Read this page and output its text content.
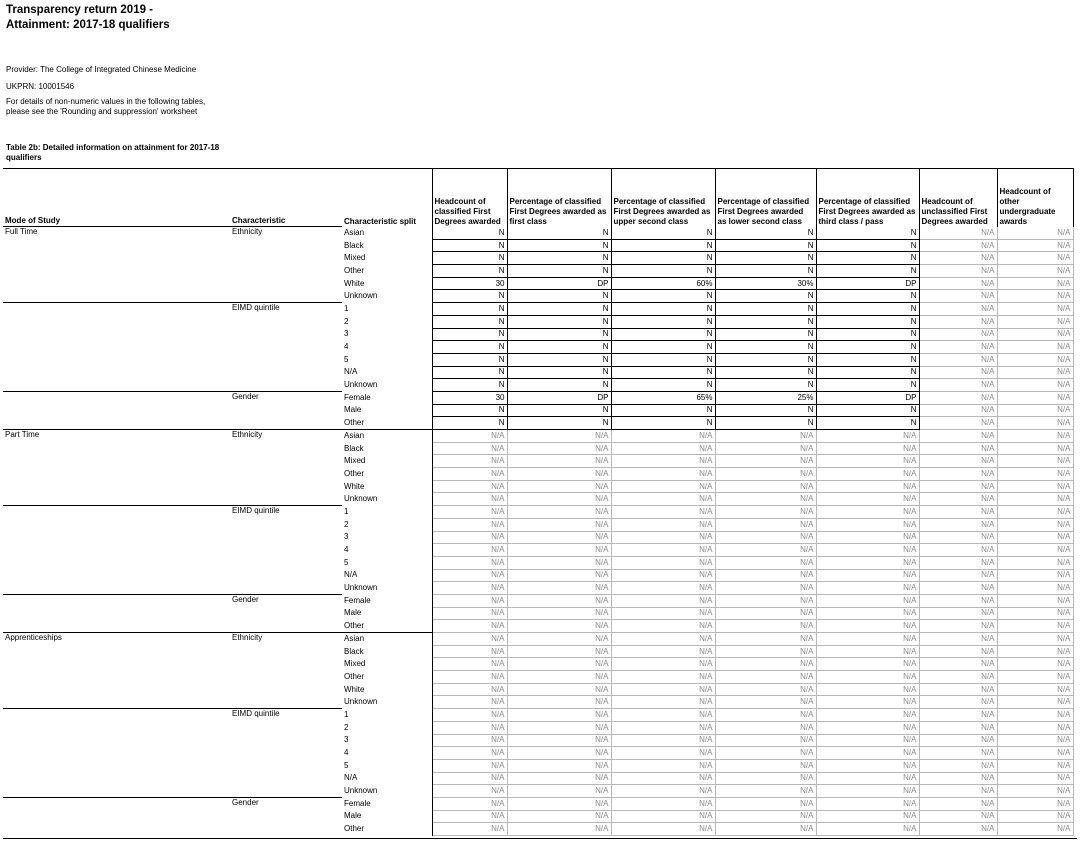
Transparency return 2019 -
Attainment: 2017-18 qualifiers
Provider: The College of Integrated Chinese Medicine
UKPRN: 10001546
For details of non-numeric values in the following tables, please see the 'Rounding and suppression' worksheet
Table 2b: Detailed information on attainment for 2017-18 qualifiers
Mode of Study	Characteristic	Characteristic split	Headcount of classified First Degrees awarded	Percentage of classified First Degrees awarded as first class	Percentage of classified First Degrees awarded as upper second class	Percentage of classified First Degrees awarded as lower second class	Percentage of classified First Degrees awarded as third class / pass	Headcount of unclassified First Degrees awarded	Headcount of other undergraduate awards
Full Time	Ethnicity	Asian	N	N	N	N	N	N/A	N/A
		Black	N	N	N	N	N	N/A	N/A
		Mixed	N	N	N	N	N	N/A	N/A
		Other	N	N	N	N	N	N/A	N/A
		White	30	DP	60%	30%	DP	N/A	N/A
		Unknown	N	N	N	N	N	N/A	N/A
	EIMD quintile	1	N	N	N	N	N	N/A	N/A
		2	N	N	N	N	N	N/A	N/A
		3	N	N	N	N	N	N/A	N/A
		4	N	N	N	N	N	N/A	N/A
		5	N	N	N	N	N	N/A	N/A
		N/A	N	N	N	N	N	N/A	N/A
		Unknown	N	N	N	N	N	N/A	N/A
	Gender	Female	30	DP	65%	25%	DP	N/A	N/A
		Male	N	N	N	N	N	N/A	N/A
		Other	N	N	N	N	N	N/A	N/A
Part Time	Ethnicity	Asian	N/A	N/A	N/A	N/A	N/A	N/A	N/A
		Black	N/A	N/A	N/A	N/A	N/A	N/A	N/A
		Mixed	N/A	N/A	N/A	N/A	N/A	N/A	N/A
		Other	N/A	N/A	N/A	N/A	N/A	N/A	N/A
		White	N/A	N/A	N/A	N/A	N/A	N/A	N/A
		Unknown	N/A	N/A	N/A	N/A	N/A	N/A	N/A
	EIMD quintile	1	N/A	N/A	N/A	N/A	N/A	N/A	N/A
		2	N/A	N/A	N/A	N/A	N/A	N/A	N/A
		3	N/A	N/A	N/A	N/A	N/A	N/A	N/A
		4	N/A	N/A	N/A	N/A	N/A	N/A	N/A
		5	N/A	N/A	N/A	N/A	N/A	N/A	N/A
		N/A	N/A	N/A	N/A	N/A	N/A	N/A	N/A
		Unknown	N/A	N/A	N/A	N/A	N/A	N/A	N/A
	Gender	Female	N/A	N/A	N/A	N/A	N/A	N/A	N/A
		Male	N/A	N/A	N/A	N/A	N/A	N/A	N/A
		Other	N/A	N/A	N/A	N/A	N/A	N/A	N/A
Apprenticeships	Ethnicity	Asian	N/A	N/A	N/A	N/A	N/A	N/A	N/A
		Black	N/A	N/A	N/A	N/A	N/A	N/A	N/A
		Mixed	N/A	N/A	N/A	N/A	N/A	N/A	N/A
		Other	N/A	N/A	N/A	N/A	N/A	N/A	N/A
		White	N/A	N/A	N/A	N/A	N/A	N/A	N/A
		Unknown	N/A	N/A	N/A	N/A	N/A	N/A	N/A
	EIMD quintile	1	N/A	N/A	N/A	N/A	N/A	N/A	N/A
		2	N/A	N/A	N/A	N/A	N/A	N/A	N/A
		3	N/A	N/A	N/A	N/A	N/A	N/A	N/A
		4	N/A	N/A	N/A	N/A	N/A	N/A	N/A
		5	N/A	N/A	N/A	N/A	N/A	N/A	N/A
		N/A	N/A	N/A	N/A	N/A	N/A	N/A	N/A
		Unknown	N/A	N/A	N/A	N/A	N/A	N/A	N/A
	Gender	Female	N/A	N/A	N/A	N/A	N/A	N/A	N/A
		Male	N/A	N/A	N/A	N/A	N/A	N/A	N/A
		Other	N/A	N/A	N/A	N/A	N/A	N/A	N/A
